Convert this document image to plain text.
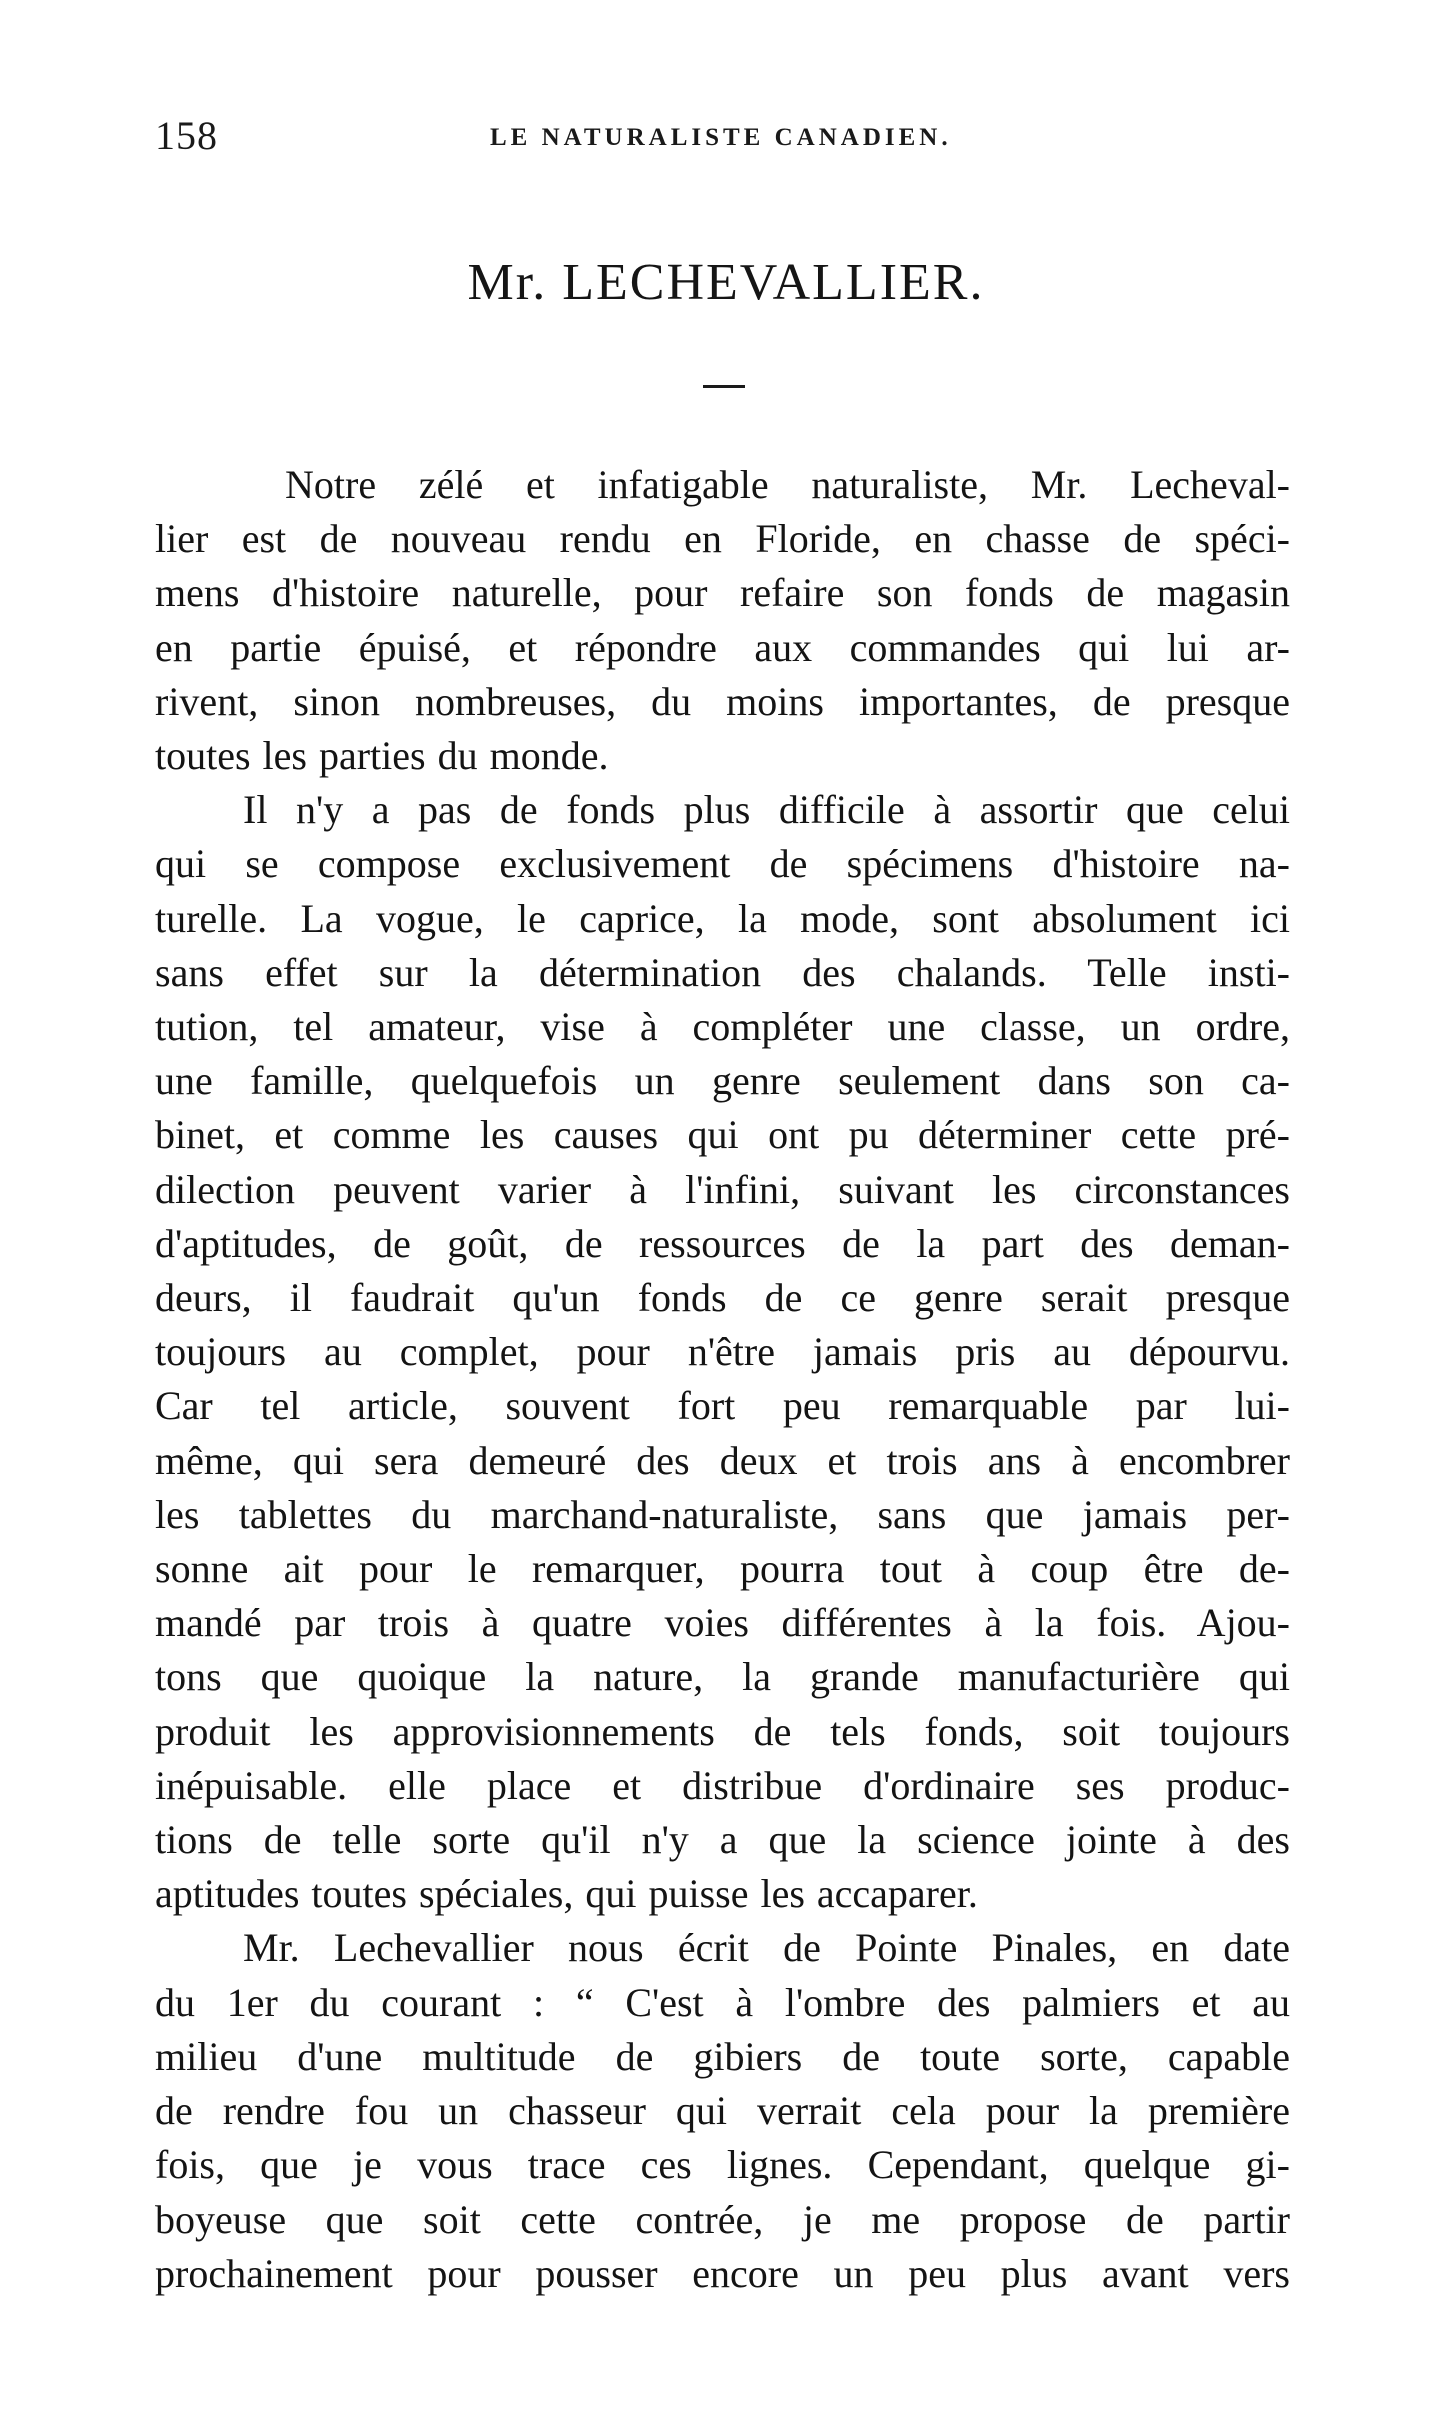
158	LE NATURALISTE CANADIEN.
Mr. LECHEVALLIER.
Notre zélé et infatigable naturaliste, Mr. Lecheval-
lier est de nouveau rendu en Floride, en chasse de spéci-
mens d'histoire naturelle, pour refaire son fonds de magasin
en partie épuisé, et répondre aux commandes qui lui ar-
rivent, sinon nombreuses, du moins importantes, de presque
toutes les parties du monde.
Il n'y a pas de fonds plus difficile à assortir que celui
qui se compose exclusivement de spécimens d'histoire na-
turelle. La vogue, le caprice, la mode, sont absolument ici
sans effet sur la détermination des chalands. Telle insti-
tution, tel amateur, vise à compléter une classe, un ordre,
une famille, quelquefois un genre seulement dans son ca-
binet, et comme les causes qui ont pu déterminer cette pré-
dilection peuvent varier à l'infini, suivant les circonstances
d'aptitudes, de goût, de ressources de la part des deman-
deurs, il faudrait qu'un fonds de ce genre serait presque
toujours au complet, pour n'être jamais pris au dépourvu.
Car tel article, souvent fort peu remarquable par lui-
même, qui sera demeuré des deux et trois ans à encombrer
les tablettes du marchand-naturaliste, sans que jamais per-
sonne ait pour le remarquer, pourra tout à coup être de-
mandé par trois à quatre voies différentes à la fois. Ajou-
tons que quoique la nature, la grande manufacturière qui
produit les approvisionnements de tels fonds, soit toujours
inépuisable. elle place et distribue d'ordinaire ses produc-
tions de telle sorte qu'il n'y a que la science jointe à des
aptitudes toutes spéciales, qui puisse les accaparer.
Mr. Lechevallier nous écrit de Pointe Pinales, en date
du 1er du courant : “ C'est à l'ombre des palmiers et au
milieu d'une multitude de gibiers de toute sorte, capable
de rendre fou un chasseur qui verrait cela pour la première
fois, que je vous trace ces lignes. Cependant, quelque gi-
boyeuse que soit cette contrée, je me propose de partir
prochainement pour pousser encore un peu plus avant vers
